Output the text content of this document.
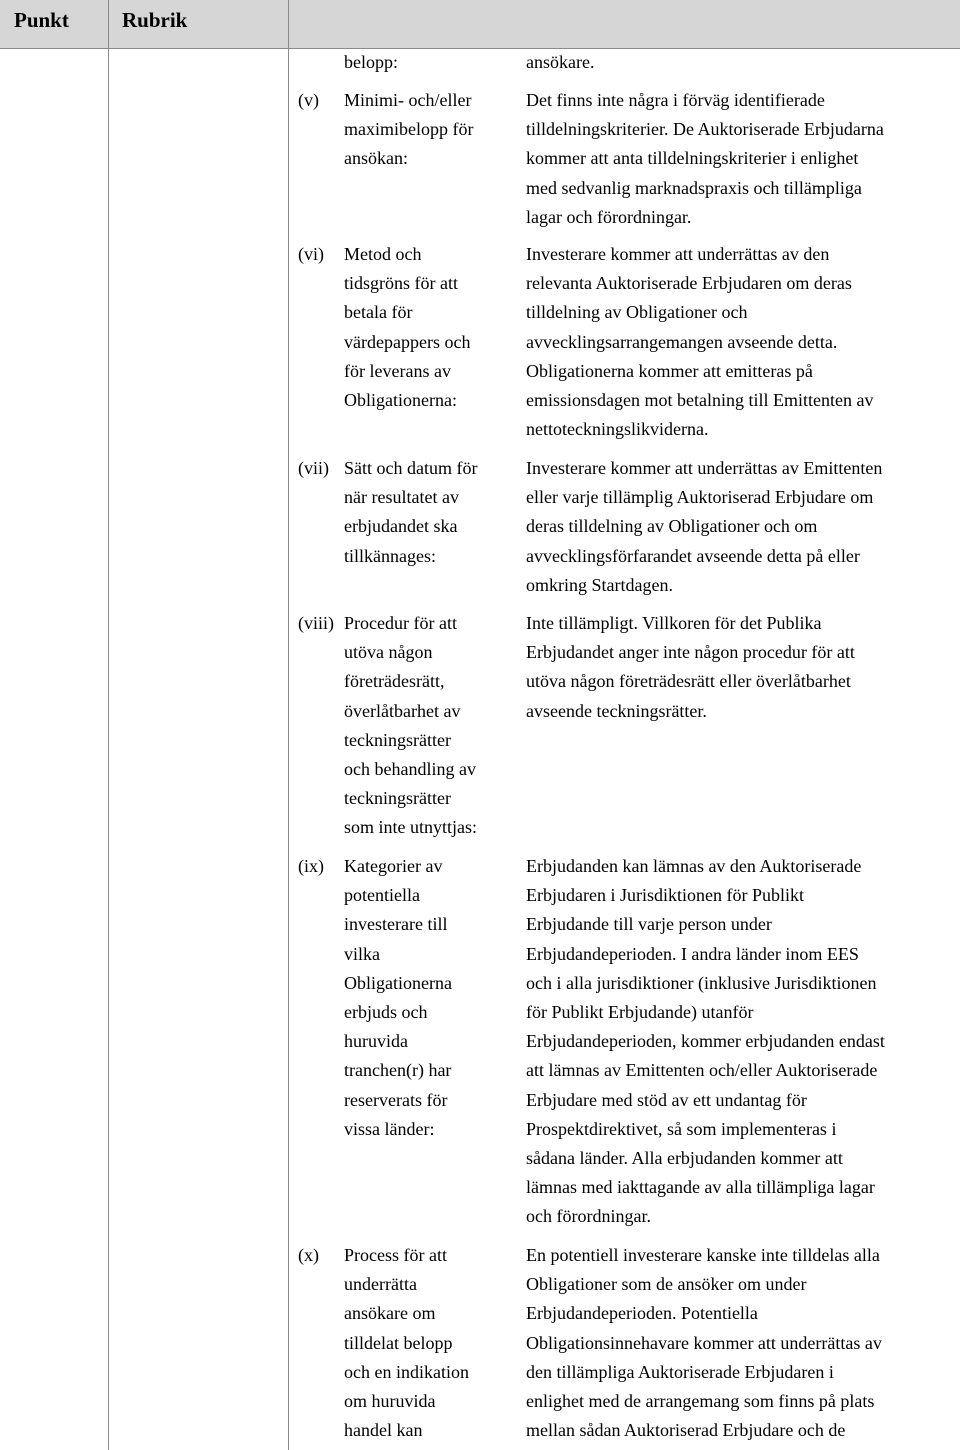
Punkt	Rubrik
belopp:	ansökare.
(v) Minimi- och/eller
maximibelopp för
ansökan:
Det finns inte några i förväg identifierade
tilldelningskriterier. De Auktoriserade Erbjudarna
kommer att anta tilldelningskriterier i enlighet
med sedvanlig marknadspraxis och tillämpliga
lagar och förordningar.
(vi) Metod och
tidsgröns för att
betala för
värdepappers och
för leverans av
Obligationerna:
Investerare kommer att underrättas av den
relevanta Auktoriserade Erbjudaren om deras
tilldelning av Obligationer och
avvecklingsarrangemangen avseende detta.
Obligationerna kommer att emitteras på
emissionsdagen mot betalning till Emittenten av
nettoteckningslikviderna.
(vii) Sätt och datum för
när resultatet av
erbjudandet ska
tillkännages:
Investerare kommer att underrättas av Emittenten
eller varje tillämplig Auktoriserad Erbjudare om
deras tilldelning av Obligationer och om
avvecklingsförfarandet avseende detta på eller
omkring Startdagen.
(viii) Procedur för att
utöva någon
företrädesrätt,
överlåtbarhet av
teckningsrätter
och behandling av
teckningsrätter
som inte utnyttjas:
Inte tillämpligt. Villkoren för det Publika
Erbjudandet anger inte någon procedur för att
utöva någon företrädesrätt eller överlåtbarhet
avseende teckningsrätter.
(ix) Kategorier av
potentiella
investerare till
vilka
Obligationerna
erbjuds och
huruvida
tranchen(r) har
reserverats för
vissa länder:
Erbjudanden kan lämnas av den Auktoriserade
Erbjudaren i Jurisdiktionen för Publikt
Erbjudande till varje person under
Erbjudandeperioden. I andra länder inom EES
och i alla jurisdiktioner (inklusive Jurisdiktionen
för Publikt Erbjudande) utanför
Erbjudandeperioden, kommer erbjudanden endast
att lämnas av Emittenten och/eller Auktoriserade
Erbjudare med stöd av ett undantag för
Prospektdirektivet, så som implementeras i
sådana länder. Alla erbjudanden kommer att
lämnas med iakttagande av alla tillämpliga lagar
och förordningar.
(x) Process för att
underrätta
ansökare om
tilldelat belopp
och en indikation
om huruvida
handel kan
En potentiell investerare kanske inte tilldelas alla
Obligationer som de ansöker om under
Erbjudandeperioden. Potentiella
Obligationsinnehavare kommer att underrättas av
den tillämpliga Auktoriserade Erbjudaren i
enlighet med de arrangemang som finns på plats
mellan sådan Auktoriserad Erbjudare och de
